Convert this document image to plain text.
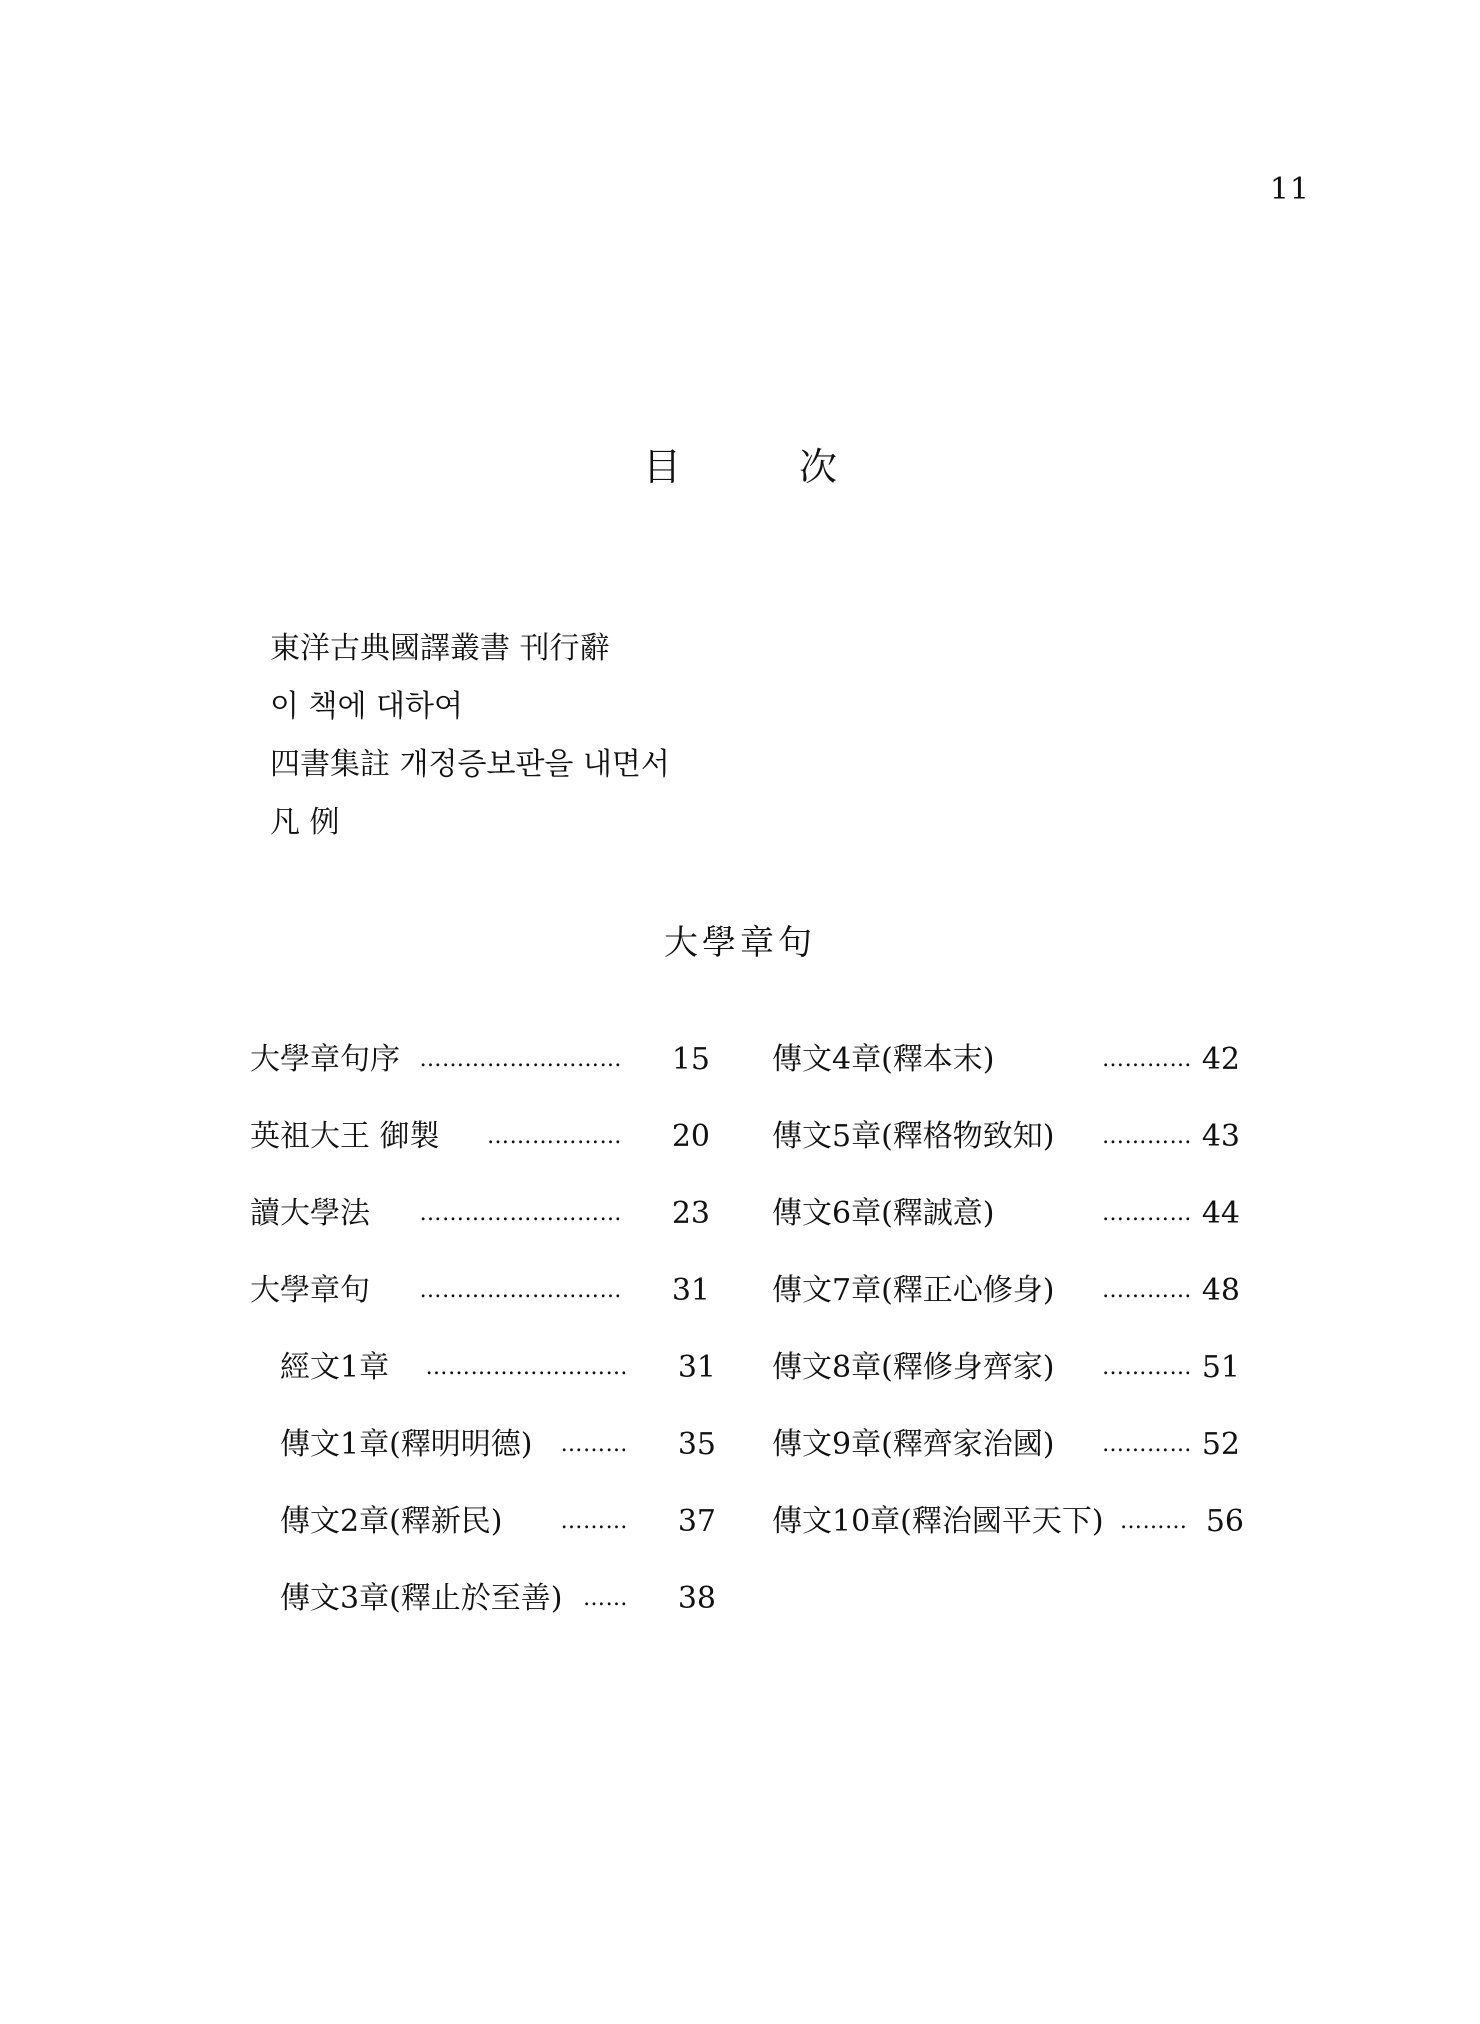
11
目　次
東洋古典國譯叢書 刊行辭
이 책에 대하여
四書集註 개정증보판을 내면서
凡 例
大學章句
大學章句序 ………………………	15
英祖大王 御製 ………………	20
讀大學法 ………………………	23
大學章句 ………………………	31
經文1章 ………………………	31
傳文1章(釋明明德) ………	35
傳文2章(釋新民)	………	37
傳文3章(釋止於至善) ……	38
傳文4章(釋本末)	………… 42
傳文5章(釋格物致知) ………… 43
傳文6章(釋誠意)	………… 44
傳文7章(釋正心修身) ………… 48
傳文8章(釋修身齊家) ………… 51
傳文9章(釋齊家治國) ………… 52
傳文10章(釋治國平天下) ……… 56
